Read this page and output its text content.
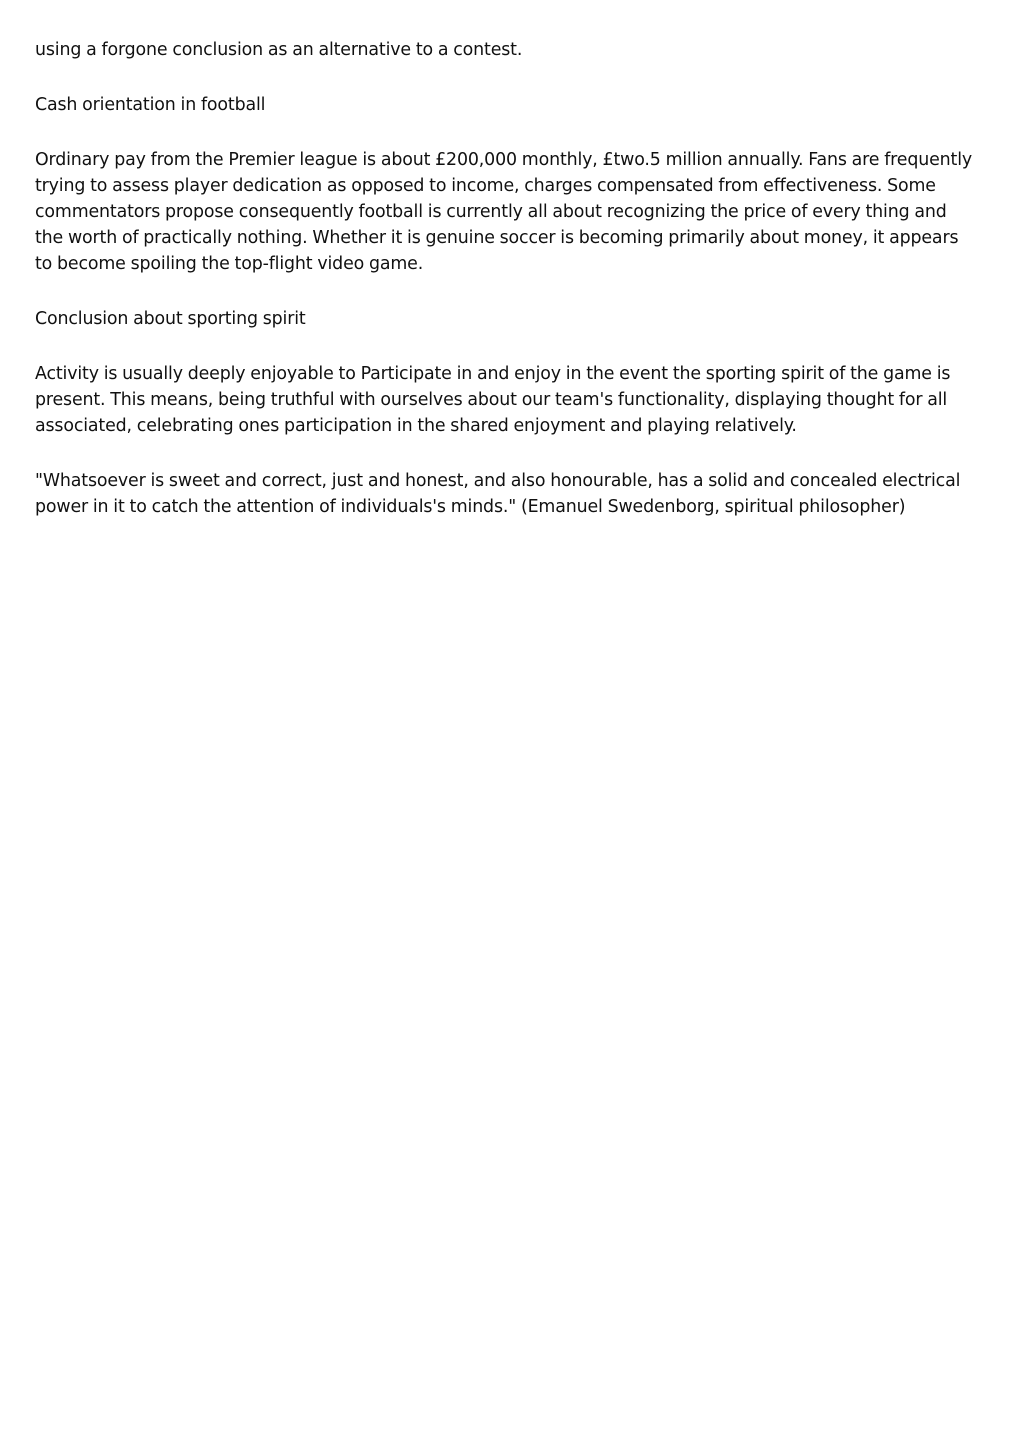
using a forgone conclusion as an alternative to a contest.

Cash orientation in football

Ordinary pay from the Premier league is about £200,000 monthly, £two.5 million annually. Fans are frequently trying to assess player dedication as opposed to income, charges compensated from effectiveness. Some commentators propose consequently football is currently all about recognizing the price of every thing and the worth of practically nothing. Whether it is genuine soccer is becoming primarily about money, it appears to become spoiling the top-flight video game.

Conclusion about sporting spirit

Activity is usually deeply enjoyable to Participate in and enjoy in the event the sporting spirit of the game is present. This means, being truthful with ourselves about our team's functionality, displaying thought for all associated, celebrating ones participation in the shared enjoyment and playing relatively.

"Whatsoever is sweet and correct, just and honest, and also honourable, has a solid and concealed electrical power in it to catch the attention of individuals's minds." (Emanuel Swedenborg, spiritual philosopher)
